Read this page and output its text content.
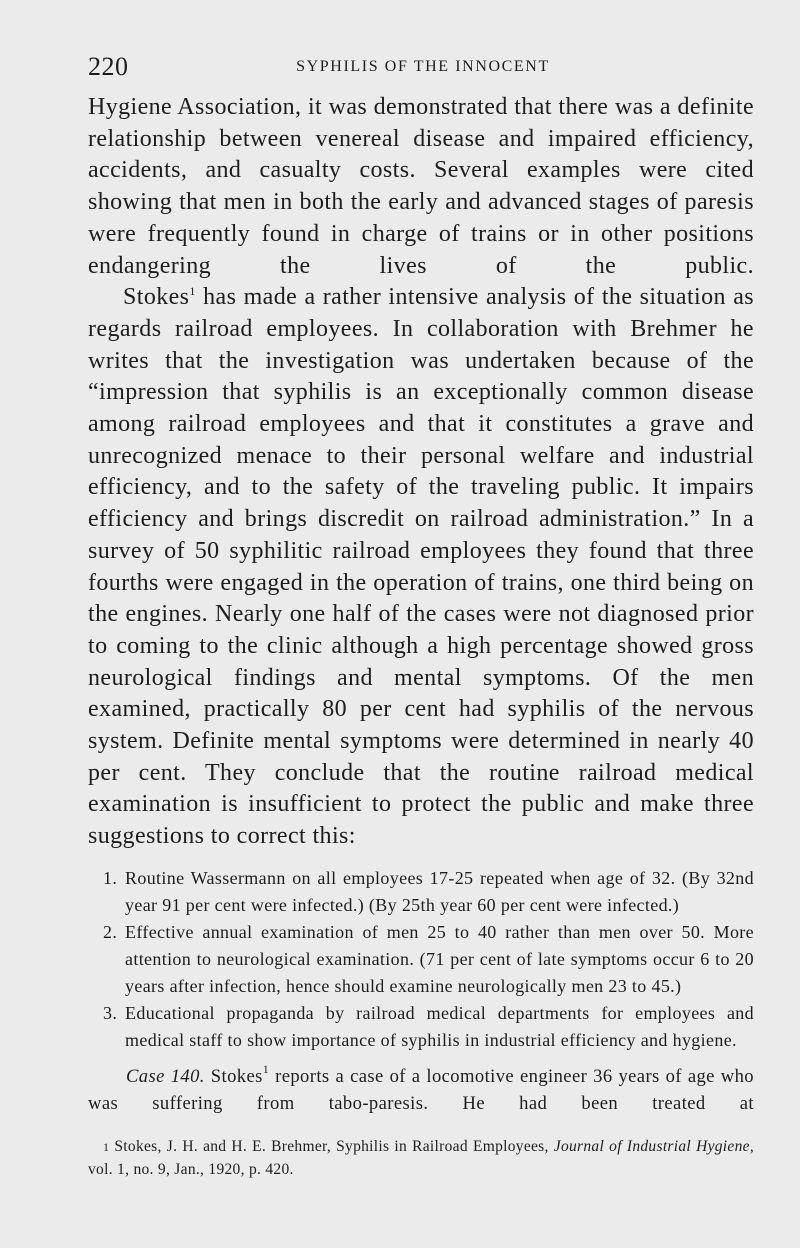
220	SYPHILIS OF THE INNOCENT

Hygiene Association, it was demonstrated that there was a definite relationship between venereal disease and impaired efficiency, accidents, and casualty costs. Several examples were cited showing that men in both the early and advanced stages of paresis were frequently found in charge of trains or in other positions endangering the lives of the public.

Stokes$^1$ has made a rather intensive analysis of the situation as regards railroad employees. In collaboration with Brehmer he writes that the investigation was undertaken because of the “impression that syphilis is an exceptionally common disease among railroad employees and that it constitutes a grave and unrecognized menace to their personal welfare and industrial efficiency, and to the safety of the traveling public. It impairs efficiency and brings discredit on railroad administration.” In a survey of 50 syphilitic railroad employees they found that three fourths were engaged in the operation of trains, one third being on the engines. Nearly one half of the cases were not diagnosed prior to coming to the clinic although a high percentage showed gross neurological findings and mental symptoms. Of the men examined, practically 80 per cent had syphilis of the nervous system. Definite mental symptoms were determined in nearly 40 per cent. They conclude that the routine railroad medical examination is insufficient to protect the public and make three suggestions to correct this:

1. Routine Wassermann on all employees 17-25 repeated when age of 32. (By 32nd year 91 per cent were infected.) (By 25th year 60 per cent were infected.)
2. Effective annual examination of men 25 to 40 rather than men over 50. More attention to neurological examination. (71 per cent of late symptoms occur 6 to 20 years after infection, hence should examine neurologically men 23 to 45.)
3. Educational propaganda by railroad medical departments for employees and medical staff to show importance of syphilis in industrial efficiency and hygiene.

Case 140. Stokes$^1$ reports a case of a locomotive engineer 36 years of age who was suffering from tabo-paresis. He had been treated at

1 Stokes, J. H. and H. E. Brehmer, Syphilis in Railroad Employees, Journal of Industrial Hygiene, vol. 1, no. 9, Jan., 1920, p. 420.
